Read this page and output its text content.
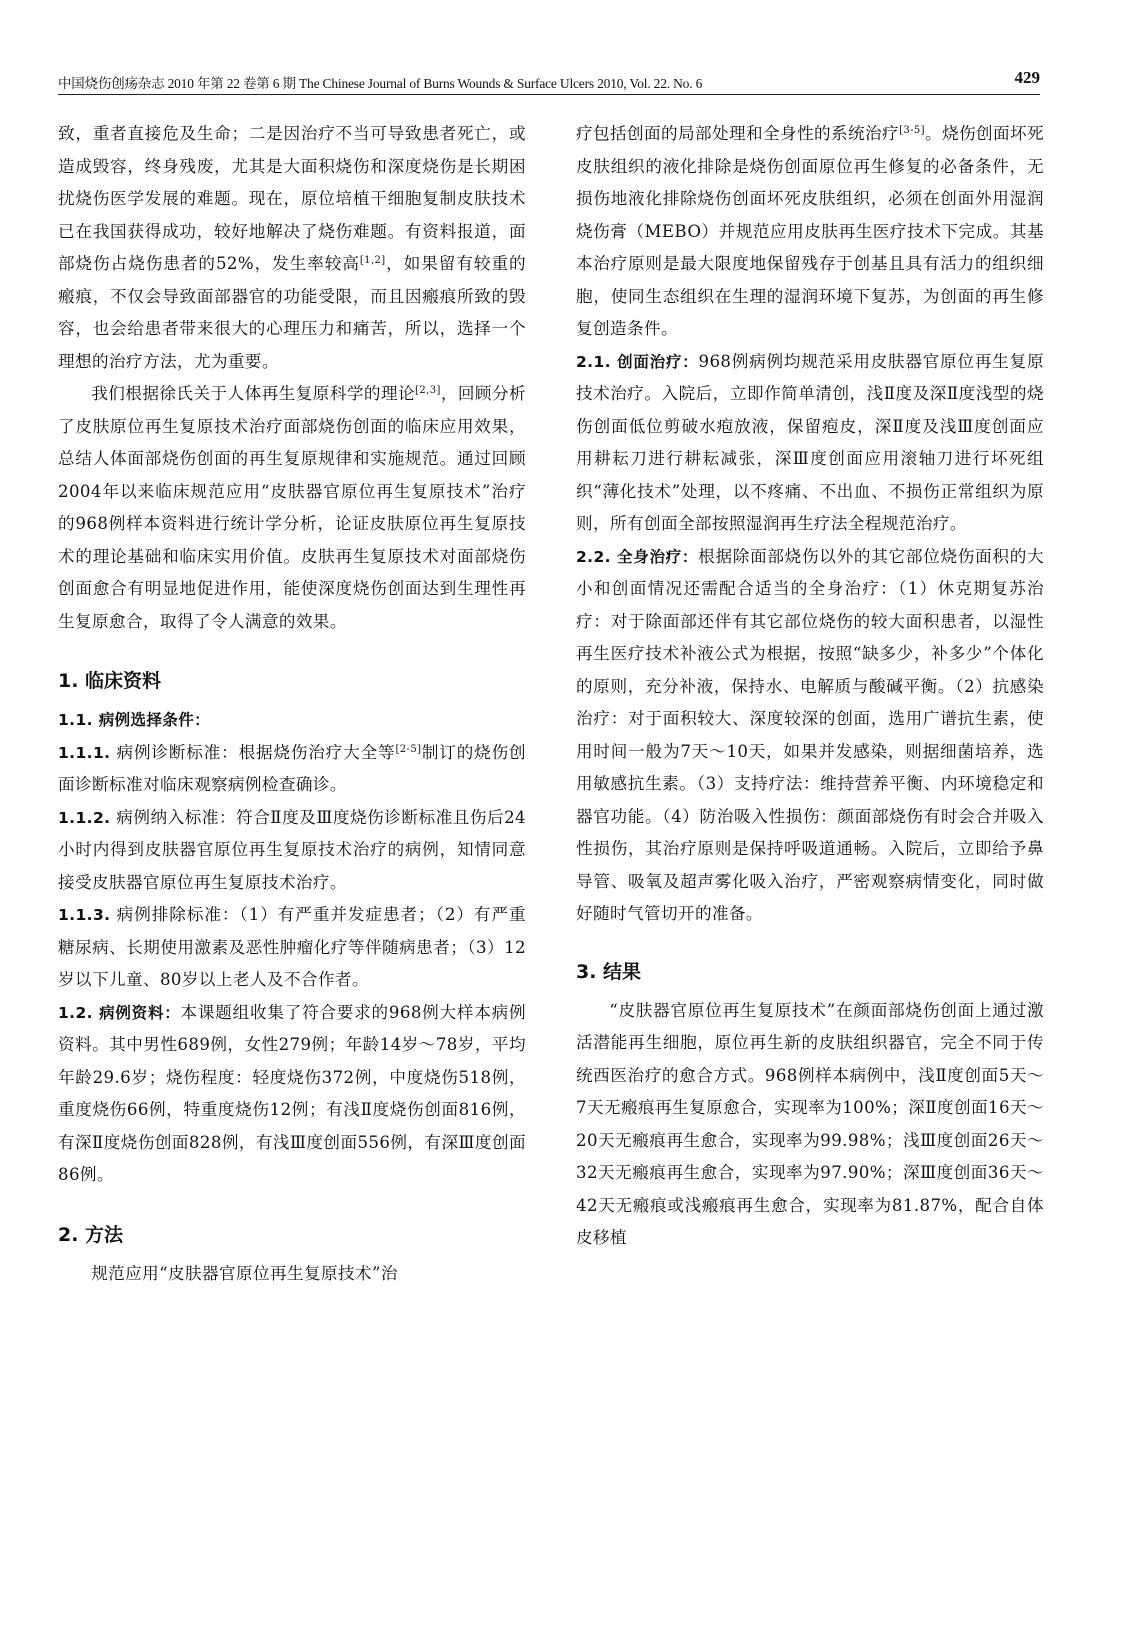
中国烧伤创疡杂志 2010 年第 22 卷第 6 期 The Chinese Journal of Burns Wounds & Surface Ulcers 2010, Vol. 22. No. 6	429

致，重者直接危及生命；二是因治疗不当可导致患者死亡，或造成毁容，终身残废，尤其是大面积烧伤和深度烧伤是长期困扰烧伤医学发展的难题。现在，原位培植干细胞复制皮肤技术已在我国获得成功，较好地解决了烧伤难题。有资料报道，面部烧伤占烧伤患者的52%，发生率较高[1,2]，如果留有较重的瘢痕，不仅会导致面部器官的功能受限，而且因瘢痕所致的毁容，也会给患者带来很大的心理压力和痛苦，所以，选择一个理想的治疗方法，尤为重要。

我们根据徐氏关于人体再生复原科学的理论[2,3]，回顾分析了皮肤原位再生复原技术治疗面部烧伤创面的临床应用效果，总结人体面部烧伤创面的再生复原规律和实施规范。通过回顾2004年以来临床规范应用“皮肤器官原位再生复原技术”治疗的968例样本资料进行统计学分析，论证皮肤原位再生复原技术的理论基础和临床实用价值。皮肤再生复原技术对面部烧伤创面愈合有明显地促进作用，能使深度烧伤创面达到生理性再生复原愈合，取得了令人满意的效果。

1. 临床资料

1.1. 病例选择条件：

1.1.1. 病例诊断标准：根据烧伤治疗大全等[2-5]制订的烧伤创面诊断标准对临床观察病例检查确诊。

1.1.2. 病例纳入标准：符合Ⅱ度及Ⅲ度烧伤诊断标准且伤后24小时内得到皮肤器官原位再生复原技术治疗的病例，知情同意接受皮肤器官原位再生复原技术治疗。

1.1.3. 病例排除标准：（1）有严重并发症患者；（2）有严重糖尿病、长期使用激素及恶性肿瘤化疗等伴随病患者；（3）12岁以下儿童、80岁以上老人及不合作者。

1.2. 病例资料：本课题组收集了符合要求的968例大样本病例资料。其中男性689例，女性279例；年龄14岁～78岁，平均年龄29.6岁；烧伤程度：轻度烧伤372例，中度烧伤518例，重度烧伤66例，特重度烧伤12例；有浅Ⅱ度烧伤创面816例，有深Ⅱ度烧伤创面828例，有浅Ⅲ度创面556例，有深Ⅲ度创面86例。

2. 方法

规范应用“皮肤器官原位再生复原技术”治

疗包括创面的局部处理和全身性的系统治疗[3-5]。烧伤创面坏死皮肤组织的液化排除是烧伤创面原位再生修复的必备条件，无损伤地液化排除烧伤创面坏死皮肤组织，必须在创面外用湿润烧伤膏（MEBO）并规范应用皮肤再生医疗技术下完成。其基本治疗原则是最大限度地保留残存于创基且具有活力的组织细胞，使同生态组织在生理的湿润环境下复苏，为创面的再生修复创造条件。

2.1. 创面治疗：968例病例均规范采用皮肤器官原位再生复原技术治疗。入院后，立即作简单清创，浅Ⅱ度及深Ⅱ度浅型的烧伤创面低位剪破水疱放液，保留疱皮，深Ⅱ度及浅Ⅲ度创面应用耕耘刀进行耕耘减张，深Ⅲ度创面应用滚轴刀进行坏死组织“薄化技术”处理，以不疼痛、不出血、不损伤正常组织为原则，所有创面全部按照湿润再生疗法全程规范治疗。

2.2. 全身治疗：根据除面部烧伤以外的其它部位烧伤面积的大小和创面情况还需配合适当的全身治疗：（1）休克期复苏治疗：对于除面部还伴有其它部位烧伤的较大面积患者，以湿性再生医疗技术补液公式为根据，按照“缺多少，补多少”个体化的原则，充分补液，保持水、电解质与酸碱平衡。（2）抗感染治疗：对于面积较大、深度较深的创面，选用广谱抗生素，使用时间一般为7天～10天，如果并发感染，则据细菌培养，选用敏感抗生素。（3）支持疗法：维持营养平衡、内环境稳定和器官功能。（4）防治吸入性损伤：颜面部烧伤有时会合并吸入性损伤，其治疗原则是保持呼吸道通畅。入院后，立即给予鼻导管、吸氧及超声雾化吸入治疗，严密观察病情变化，同时做好随时气管切开的准备。

3. 结果

“皮肤器官原位再生复原技术”在颜面部烧伤创面上通过激活潜能再生细胞，原位再生新的皮肤组织器官，完全不同于传统西医治疗的愈合方式。968例样本病例中，浅Ⅱ度创面5天～7天无瘢痕再生复原愈合，实现率为100%；深Ⅱ度创面16天～20天无瘢痕再生愈合，实现率为99.98%；浅Ⅲ度创面26天～32天无瘢痕再生愈合，实现率为97.90%；深Ⅲ度创面36天～42天无瘢痕或浅瘢痕再生愈合，实现率为81.87%，配合自体皮移植
